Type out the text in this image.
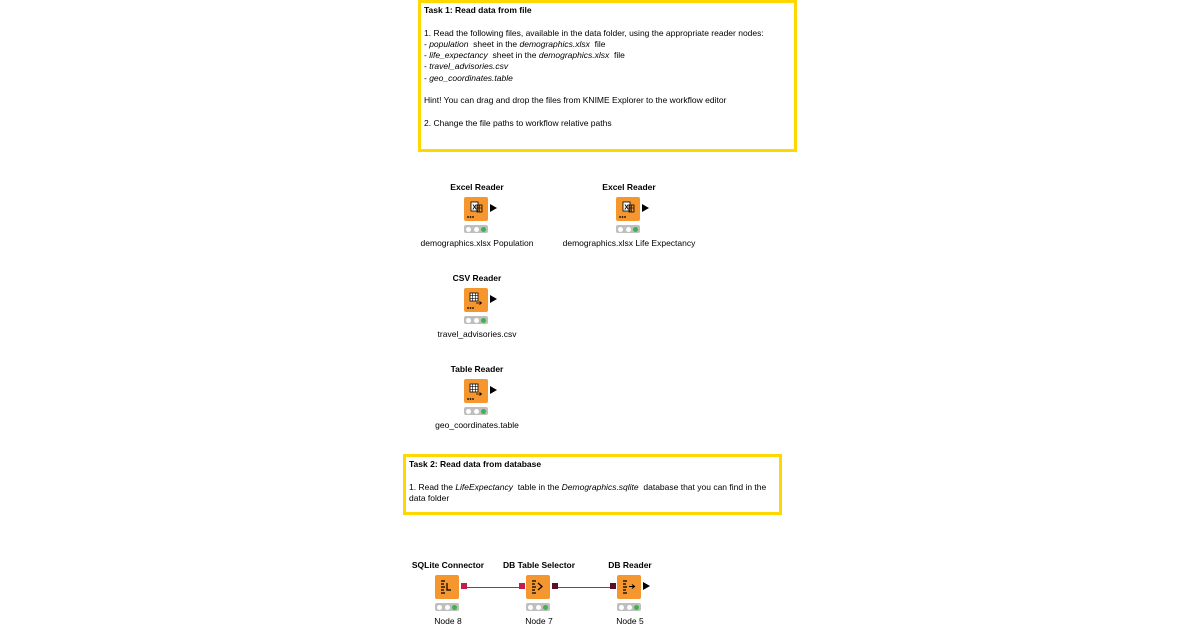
Task 1: Read data from file

1. Read the following files, available in the data folder, using the appropriate reader nodes:

- population  sheet in the demographics.xlsx  file

- life_expectancy  sheet in the demographics.xlsx  file

- travel_advisories.csv

- geo_coordinates.table

Hint! You can drag and drop the files from KNIME Explorer to the workflow editor

2. Change the file paths to workflow relative paths

Task 2: Read data from database

1. Read the LifeExpectancy  table in the Demographics.sqlite  database that you can find in the data folder

Excel Reader
X
demographics.xlsx Population
Excel Reader
X
demographics.xlsx Life Expectancy
CSV Reader
travel_advisories.csv
Table Reader
geo_coordinates.table
SQLite Connector
Node 8
DB Table Selector
Node 7
DB Reader
Node 5
